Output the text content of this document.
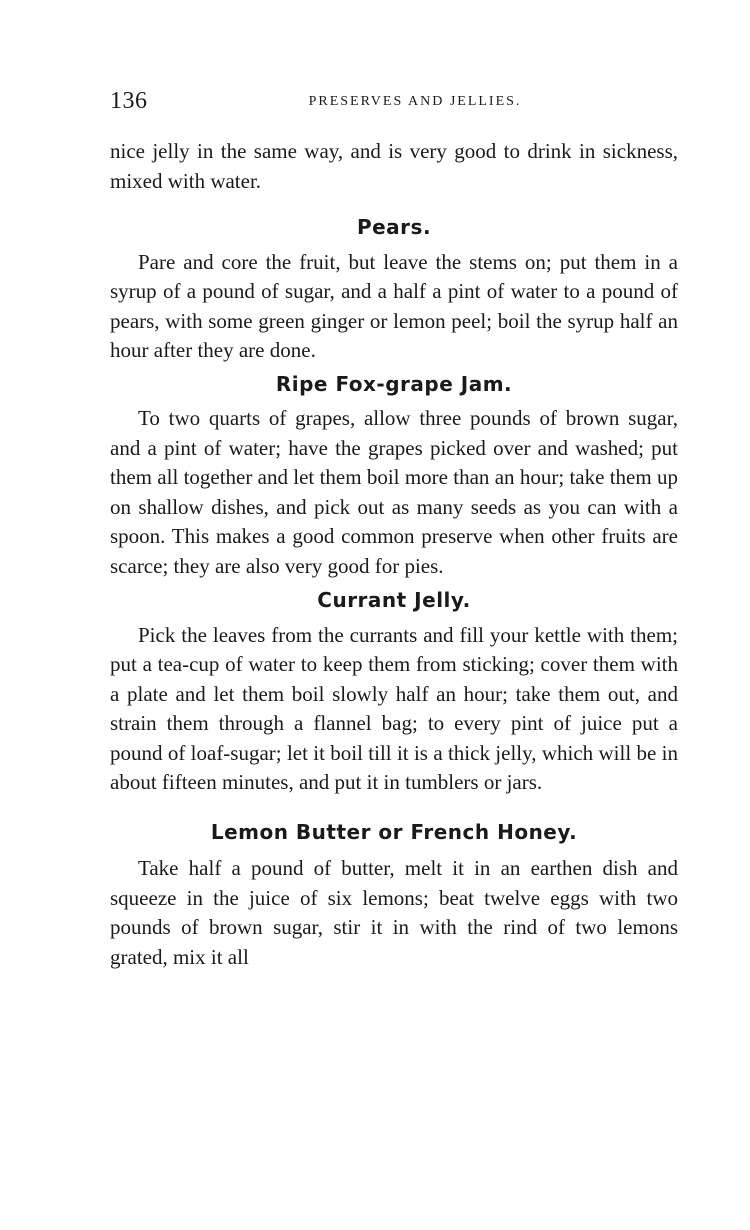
136	PRESERVES AND JELLIES.

nice jelly in the same way, and is very good to drink in sickness, mixed with water.

Pears.

Pare and core the fruit, but leave the stems on; put them in a syrup of a pound of sugar, and a half a pint of water to a pound of pears, with some green ginger or lemon peel; boil the syrup half an hour after they are done.

Ripe Fox-grape Jam.

To two quarts of grapes, allow three pounds of brown sugar, and a pint of water; have the grapes picked over and washed; put them all together and let them boil more than an hour; take them up on shallow dishes, and pick out as many seeds as you can with a spoon. This makes a good common preserve when other fruits are scarce; they are also very good for pies.

Currant Jelly.

Pick the leaves from the currants and fill your kettle with them; put a tea-cup of water to keep them from sticking; cover them with a plate and let them boil slowly half an hour; take them out, and strain them through a flannel bag; to every pint of juice put a pound of loaf-sugar; let it boil till it is a thick jelly, which will be in about fifteen minutes, and put it in tumblers or jars.

Lemon Butter or French Honey.

Take half a pound of butter, melt it in an earthen dish and squeeze in the juice of six lemons; beat twelve eggs with two pounds of brown sugar, stir it in with the rind of two lemons grated, mix it all
